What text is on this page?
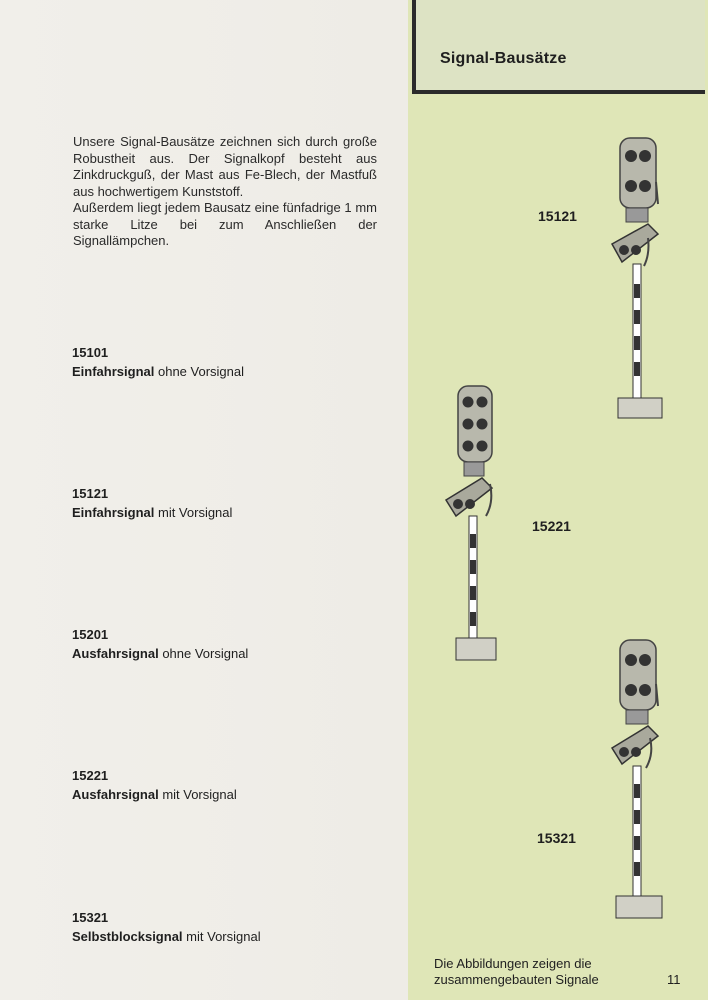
Signal-Bausätze

Unsere Signal-Bausätze zeichnen sich durch große Robustheit aus. Der Signalkopf besteht aus Zinkdruckguß, der Mast aus Fe-Blech, der Mastfuß aus hochwertigem Kunststoff.

Außerdem liegt jedem Bausatz eine fünfadrige 1 mm starke Litze bei zum Anschließen der Signallämpchen.

15101
Einfahrsignal ohne Vorsignal
15121
Einfahrsignal mit Vorsignal
15201
Ausfahrsignal ohne Vorsignal
15221
Ausfahrsignal mit Vorsignal
15321
Selbstblocksignal mit Vorsignal
15121
15221
15321
Die Abbildungen zeigen die
zusammengebauten Signale	11
